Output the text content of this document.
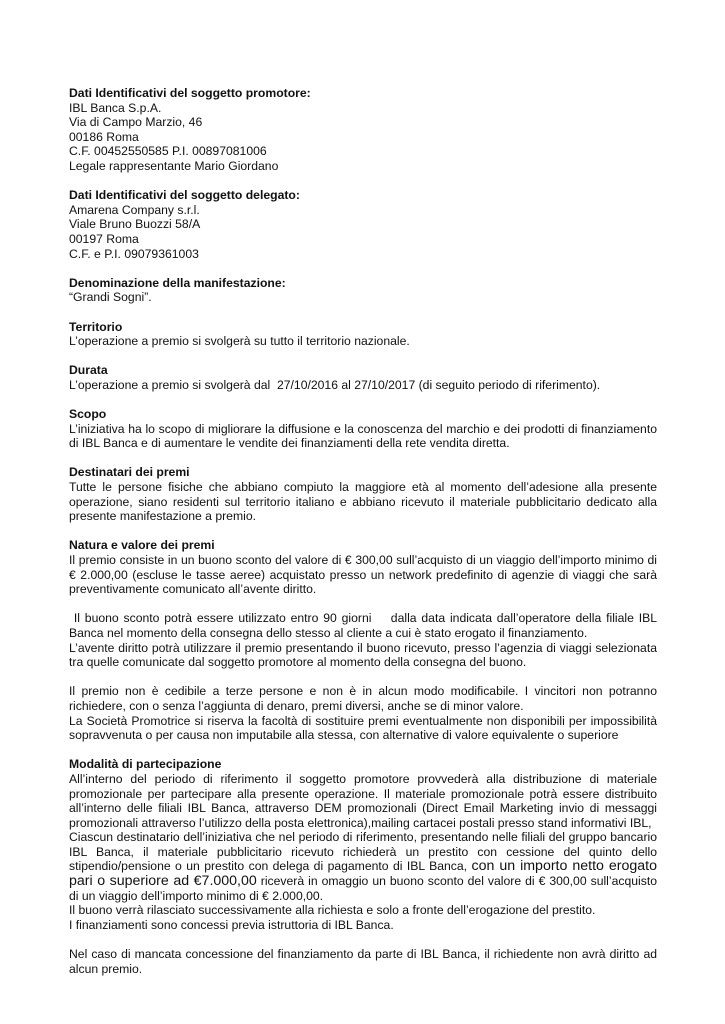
Dati Identificativi del soggetto promotore:
IBL Banca S.p.A.
Via di Campo Marzio, 46
00186 Roma
C.F. 00452550585 P.I. 00897081006
Legale rappresentante Mario Giordano
Dati Identificativi del soggetto delegato:
Amarena Company s.r.l.
Viale Bruno Buozzi 58/A
00197 Roma
C.F. e P.I. 09079361003
Denominazione della manifestazione:
“Grandi Sogni”.
Territorio
L’operazione a premio si svolgerà su tutto il territorio nazionale.
Durata
L’operazione a premio si svolgerà dal  27/10/2016 al 27/10/2017 (di seguito periodo di riferimento).
Scopo
L’iniziativa ha lo scopo di migliorare la diffusione e la conoscenza del marchio e dei prodotti di finanziamento di IBL Banca e di aumentare le vendite dei finanziamenti della rete vendita diretta.
Destinatari dei premi
Tutte le persone fisiche che abbiano compiuto la maggiore età al momento dell’adesione alla presente operazione, siano residenti sul territorio italiano e abbiano ricevuto il materiale pubblicitario dedicato alla presente manifestazione a premio.
Natura e valore dei premi
Il premio consiste in un buono sconto del valore di € 300,00 sull’acquisto di un viaggio dell’importo minimo di € 2.000,00 (escluse le tasse aeree) acquistato presso un network predefinito di agenzie di viaggi che sarà preventivamente comunicato all’avente diritto.
Il buono sconto potrà essere utilizzato entro 90 giorni    dalla data indicata dall’operatore della filiale IBL Banca nel momento della consegna dello stesso al cliente a cui è stato erogato il finanziamento.
L’avente diritto potrà utilizzare il premio presentando il buono ricevuto, presso l’agenzia di viaggi selezionata tra quelle comunicate dal soggetto promotore al momento della consegna del buono.
Il premio non è cedibile a terze persone e non è in alcun modo modificabile. I vincitori non potranno richiedere, con o senza l’aggiunta di denaro, premi diversi, anche se di minor valore.
La Società Promotrice si riserva la facoltà di sostituire premi eventualmente non disponibili per impossibilità sopravvenuta o per causa non imputabile alla stessa, con alternative di valore equivalente o superiore
Modalità di partecipazione
All’interno del periodo di riferimento il soggetto promotore provvederà alla distribuzione di materiale promozionale per partecipare alla presente operazione. Il materiale promozionale potrà essere distribuito all’interno delle filiali IBL Banca, attraverso DEM promozionali (Direct Email Marketing invio di messaggi promozionali attraverso l’utilizzo della posta elettronica),mailing cartacei postali presso stand informativi IBL,
Ciascun destinatario dell’iniziativa che nel periodo di riferimento, presentando nelle filiali del gruppo bancario IBL Banca, il materiale pubblicitario ricevuto richiederà un prestito con cessione del quinto dello stipendio/pensione o un prestito con delega di pagamento di IBL Banca, con un importo netto erogato pari o superiore ad €7.000,00 riceverà in omaggio un buono sconto del valore di € 300,00 sull’acquisto di un viaggio dell’importo minimo di € 2.000,00.
Il buono verrà rilasciato successivamente alla richiesta e solo a fronte dell’erogazione del prestito.
I finanziamenti sono concessi previa istruttoria di IBL Banca.
Nel caso di mancata concessione del finanziamento da parte di IBL Banca, il richiedente non avrà diritto ad alcun premio.
